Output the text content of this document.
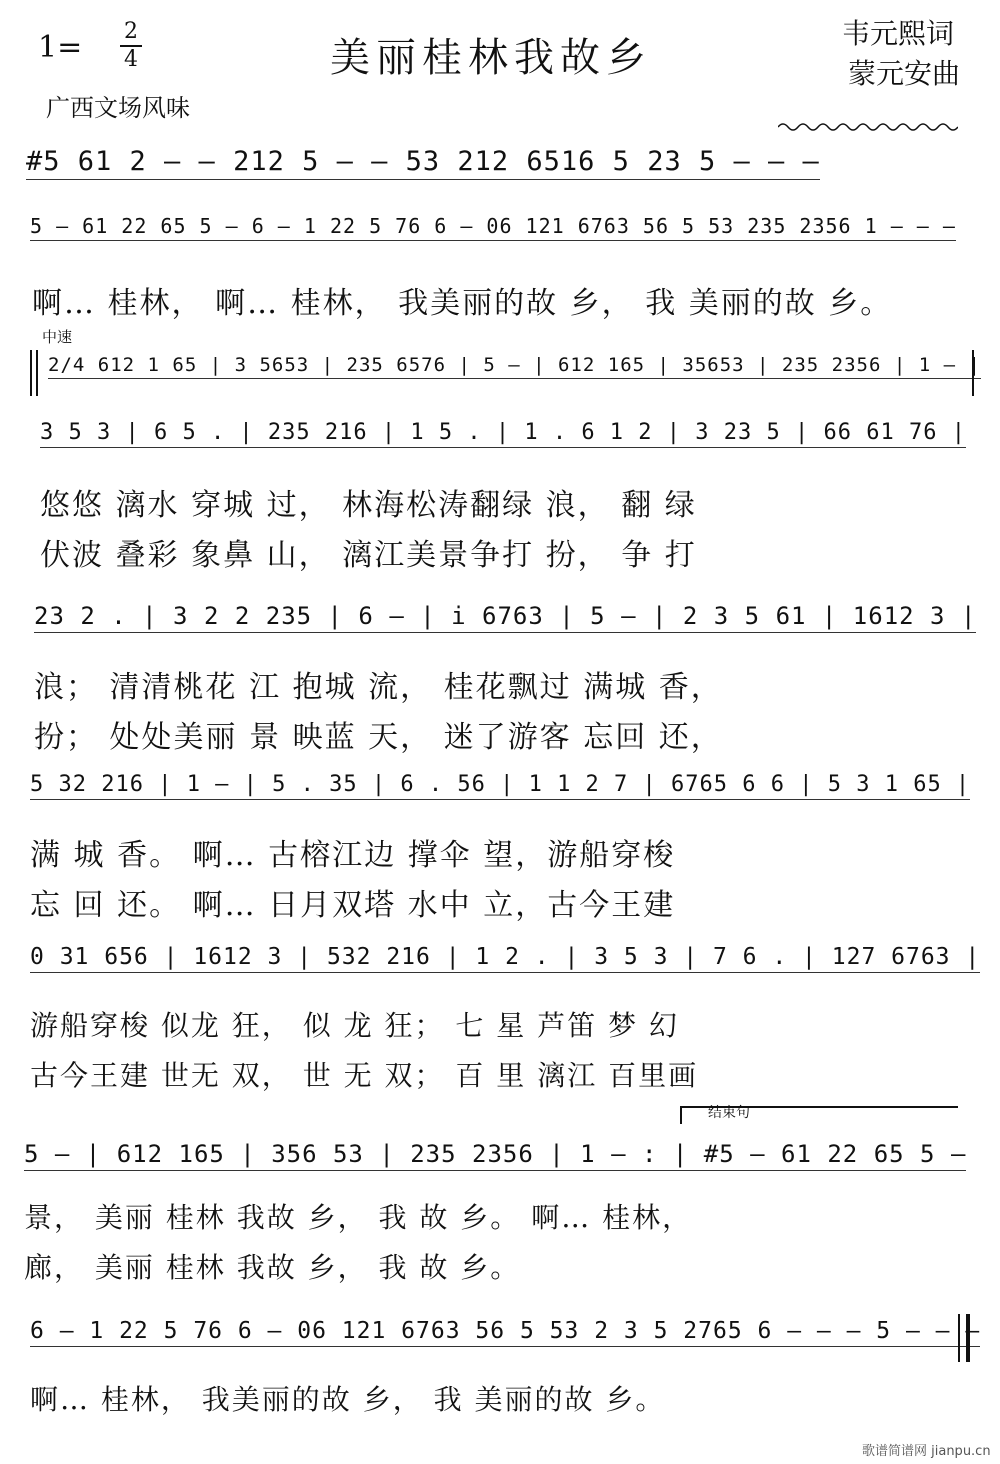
1= 2
4	美丽桂林我故乡
韦元熙词
蒙元安曲
广西文场风味
#5 61 2 — — 212 5 — — 53 212 6516 5 23 5 — — —
5 — 61 22 65 5 — 6 — 1 22 5 76 6 — 06 121 6763 56 5 53 235 2356 1 — — —
啊… 桂林， 啊… 桂林， 我美丽的故 乡， 我 美丽的故 乡。
中速
2/4 612 1 65 | 3 5653 | 235 6576 | 5 — | 612 165 | 35653 | 235 2356 | 1 — |
3 5 3 | 6 5 . | 235 216 | 1 5 . | 1 . 6 1 2 | 3 23 5 | 66 61 76 |
悠悠 漓水 穿城 过， 林海松涛翻绿 浪， 翻 绿
伏波 叠彩 象鼻 山， 漓江美景争打 扮， 争 打
23 2 . | 3 2 2 235 | 6 — | i 6763 | 5 — | 2 3 5 61 | 1612 3 |
浪； 清清桃花 江 抱城 流， 桂花飘过 满城 香，
扮； 处处美丽 景 映蓝 天， 迷了游客 忘回 还，
5 32 216 | 1 — | 5 . 35 | 6 . 56 | 1 1 2 7 | 6765 6 6 | 5 3 1 65 |
满 城 香。 啊… 古榕江边 撑伞 望，游船穿梭
忘 回 还。 啊… 日月双塔 水中 立，古今王建
0 31 656 | 1612 3 | 532 216 | 1 2 . | 3 5 3 | 7 6 . | 127 6763 |
游船穿梭 似龙 狂， 似 龙 狂； 七 星 芦笛 梦 幻
古今王建 世无 双， 世 无 双； 百 里 漓江 百里画
结束句
5 — | 612 165 | 356 53 | 235 2356 | 1 — : | #5 — 61 22 65 5 —
景， 美丽 桂林 我故 乡， 我 故 乡。 啊… 桂林，
廊， 美丽 桂林 我故 乡， 我 故 乡。
6 — 1 22 5 76 6 — 06 121 6763 56 5 53 2 3 5 2765 6 — — — 5 — — —
啊… 桂林， 我美丽的故 乡， 我 美丽的故 乡。
歌谱简谱网 jianpu.cn
